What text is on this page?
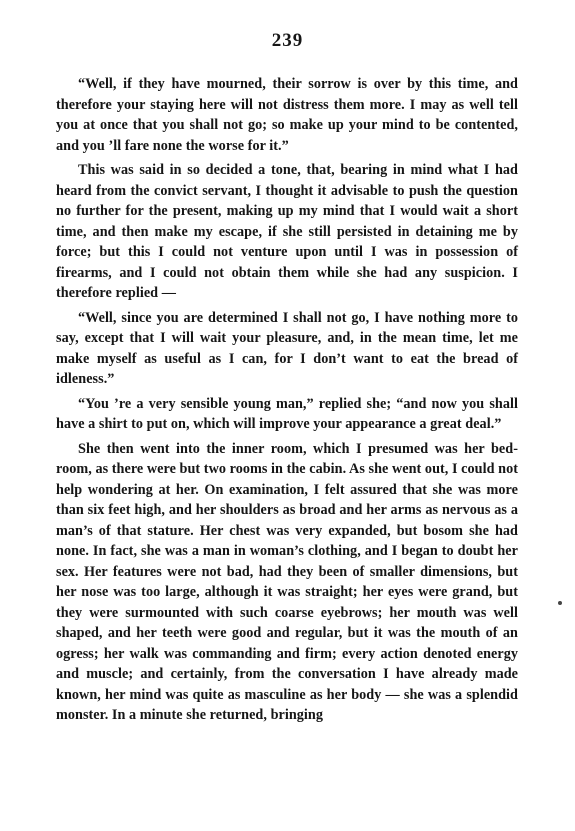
239

“Well, if they have mourned, their sorrow is over by this time, and therefore your staying here will not distress them more. I may as well tell you at once that you shall not go; so make up your mind to be contented, and you ’ll fare none the worse for it.”

This was said in so decided a tone, that, bearing in mind what I had heard from the convict servant, I thought it advisable to push the question no further for the present, making up my mind that I would wait a short time, and then make my escape, if she still persisted in detaining me by force; but this I could not venture upon until I was in possession of firearms, and I could not obtain them while she had any suspicion. I therefore replied —

“Well, since you are determined I shall not go, I have nothing more to say, except that I will wait your pleasure, and, in the mean time, let me make myself as useful as I can, for I don’t want to eat the bread of idleness.”

“You ’re a very sensible young man,” replied she; “and now you shall have a shirt to put on, which will improve your appearance a great deal.”

She then went into the inner room, which I presumed was her bed-room, as there were but two rooms in the cabin. As she went out, I could not help wondering at her. On examination, I felt assured that she was more than six feet high, and her shoulders as broad and her arms as nervous as a man’s of that stature. Her chest was very expanded, but bosom she had none. In fact, she was a man in woman’s clothing, and I began to doubt her sex. Her features were not bad, had they been of smaller dimensions, but her nose was too large, although it was straight; her eyes were grand, but they were surmounted with such coarse eyebrows; her mouth was well shaped, and her teeth were good and regular, but it was the mouth of an ogress; her walk was commanding and firm; every action denoted energy and muscle; and certainly, from the conversation I have already made known, her mind was quite as masculine as her body — she was a splendid monster. In a minute she returned, bringing
